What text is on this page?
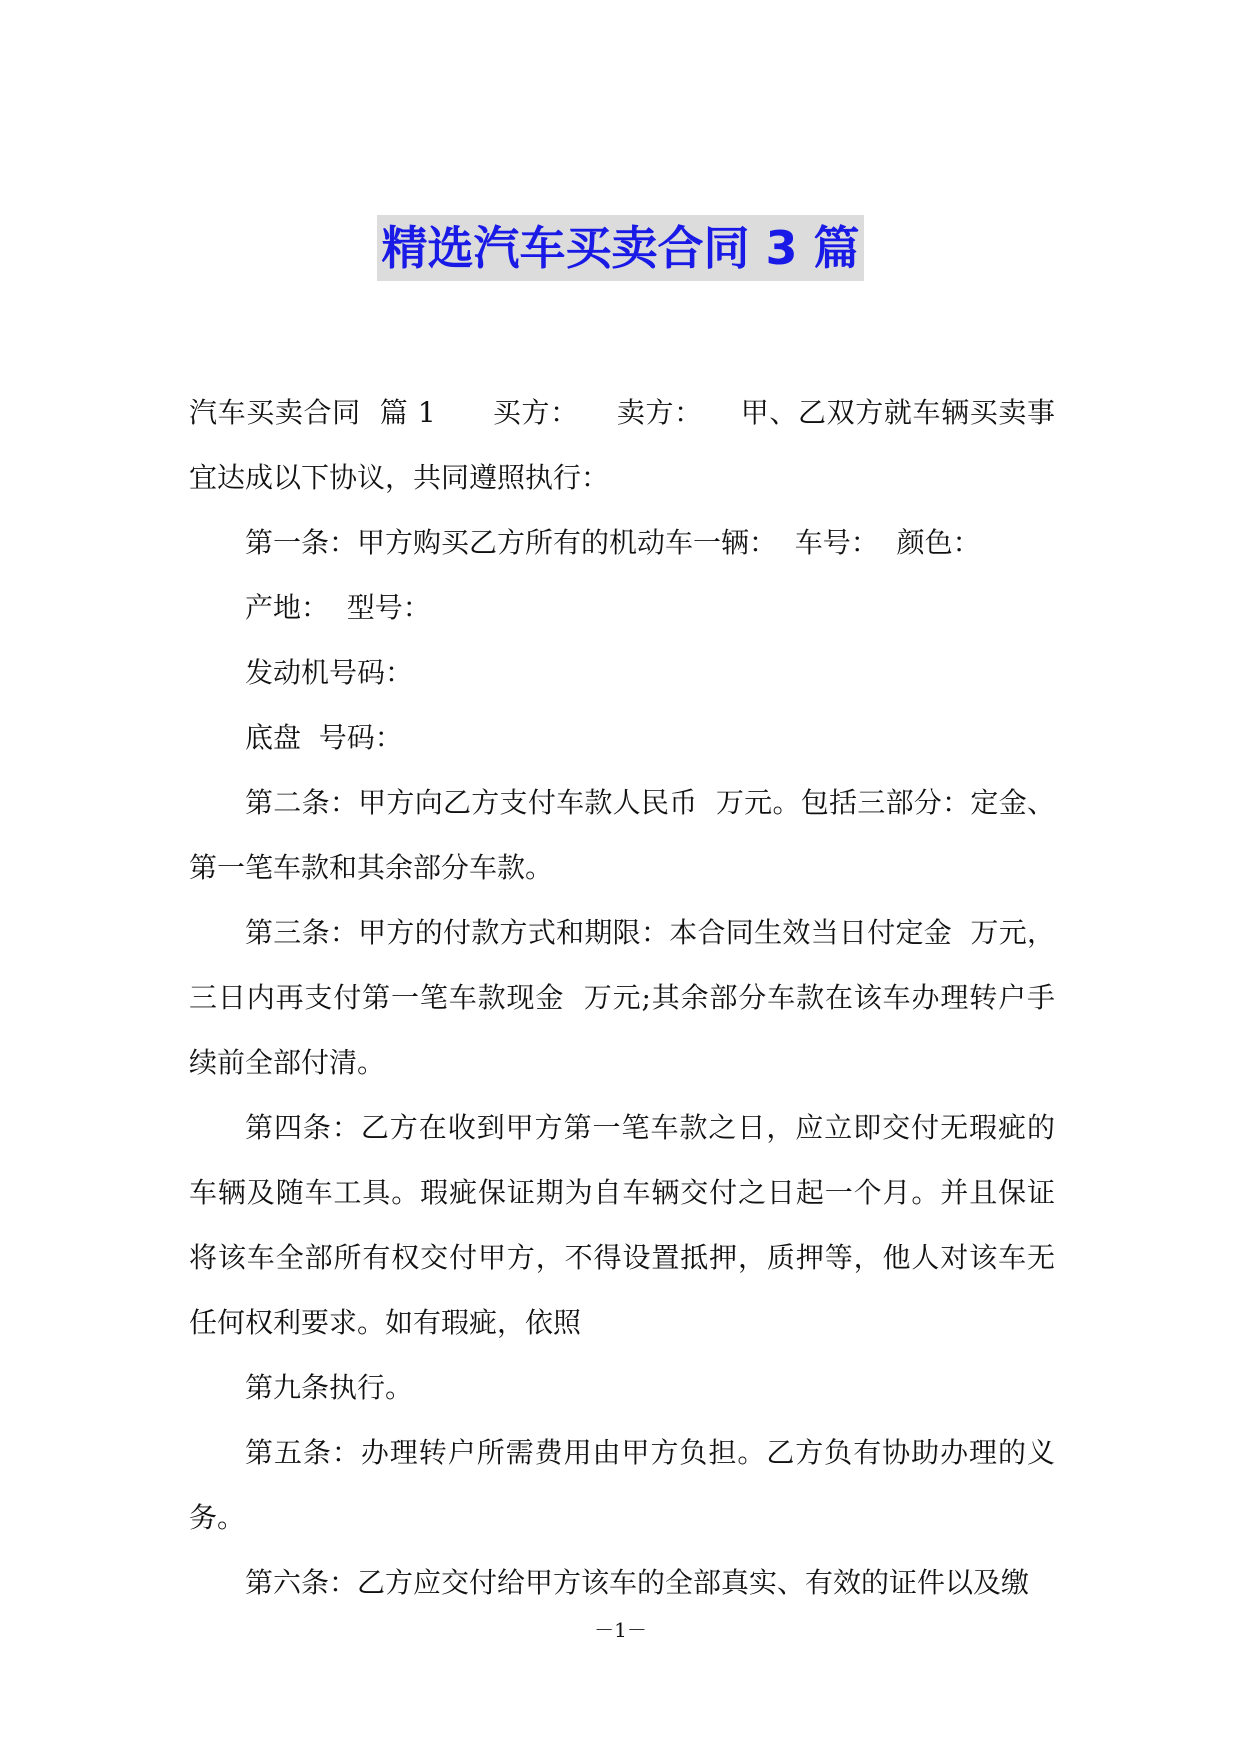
精选汽车买卖合同 3 篇

汽车买卖合同  篇 1      买方：    卖方：    甲、乙双方就车辆买卖事宜达成以下协议，共同遵照执行：

第一条：甲方购买乙方所有的机动车一辆：  车号：  颜色：

产地：  型号：

发动机号码：

底盘  号码：

第二条：甲方向乙方支付车款人民币  万元。包括三部分：定金、第一笔车款和其余部分车款。

第三条：甲方的付款方式和期限：本合同生效当日付定金  万元，三日内再支付第一笔车款现金  万元;其余部分车款在该车办理转户手续前全部付清。

第四条：乙方在收到甲方第一笔车款之日，应立即交付无瑕疵的车辆及随车工具。瑕疵保证期为自车辆交付之日起一个月。并且保证将该车全部所有权交付甲方，不得设置抵押，质押等，他人对该车无任何权利要求。如有瑕疵，依照

第九条执行。

第五条：办理转户所需费用由甲方负担。乙方负有协助办理的义务。

第六条：乙方应交付给甲方该车的全部真实、有效的证件以及缴

－1－
